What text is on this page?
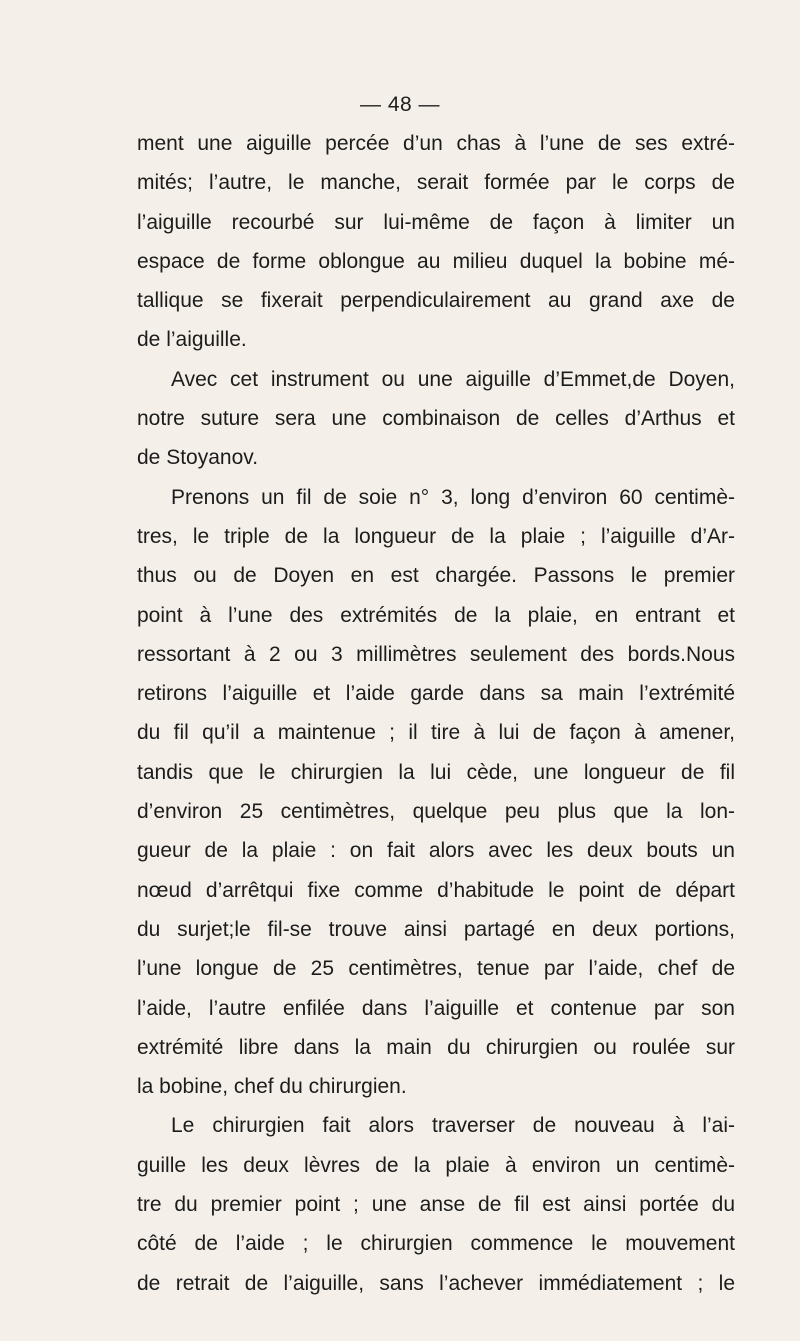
— 48 —

ment une aiguille percée d’un chas à l’une de ses extré-
mités; l’autre, le manche, serait formée par le corps de
l’aiguille recourbé sur lui-même de façon à limiter un
espace de forme oblongue au milieu duquel la bobine mé-
tallique se fixerait perpendiculairement au grand axe de
de l’aiguille.

Avec cet instrument ou une aiguille d’Emmet,de Doyen,
notre suture sera une combinaison de celles d’Arthus et
de Stoyanov.

Prenons un fil de soie n° 3, long d’environ 60 centimè-
tres, le triple de la longueur de la plaie ; l’aiguille d’Ar-
thus ou de Doyen en est chargée. Passons le premier
point à l’une des extrémités de la plaie, en entrant et
ressortant à 2 ou 3 millimètres seulement des bords.Nous
retirons l’aiguille et l’aide garde dans sa main l’extrémité
du fil qu’il a maintenue ; il tire à lui de façon à amener,
tandis que le chirurgien la lui cède, une longueur de fil
d’environ 25 centimètres, quelque peu plus que la lon-
gueur de la plaie : on fait alors avec les deux bouts un
nœud d’arrêtqui fixe comme d’habitude le point de départ
du surjet;le fil-se trouve ainsi partagé en deux portions,
l’une longue de 25 centimètres, tenue par l’aide, chef de
l’aide, l’autre enfilée dans l’aiguille et contenue par son
extrémité libre dans la main du chirurgien ou roulée sur
la bobine, chef du chirurgien.

Le chirurgien fait alors traverser de nouveau à l’ai-
guille les deux lèvres de la plaie à environ un centimè-
tre du premier point ; une anse de fil est ainsi portée du
côté de l’aide ; le chirurgien commence le mouvement
de retrait de l’aiguille, sans l’achever immédiatement ; le
